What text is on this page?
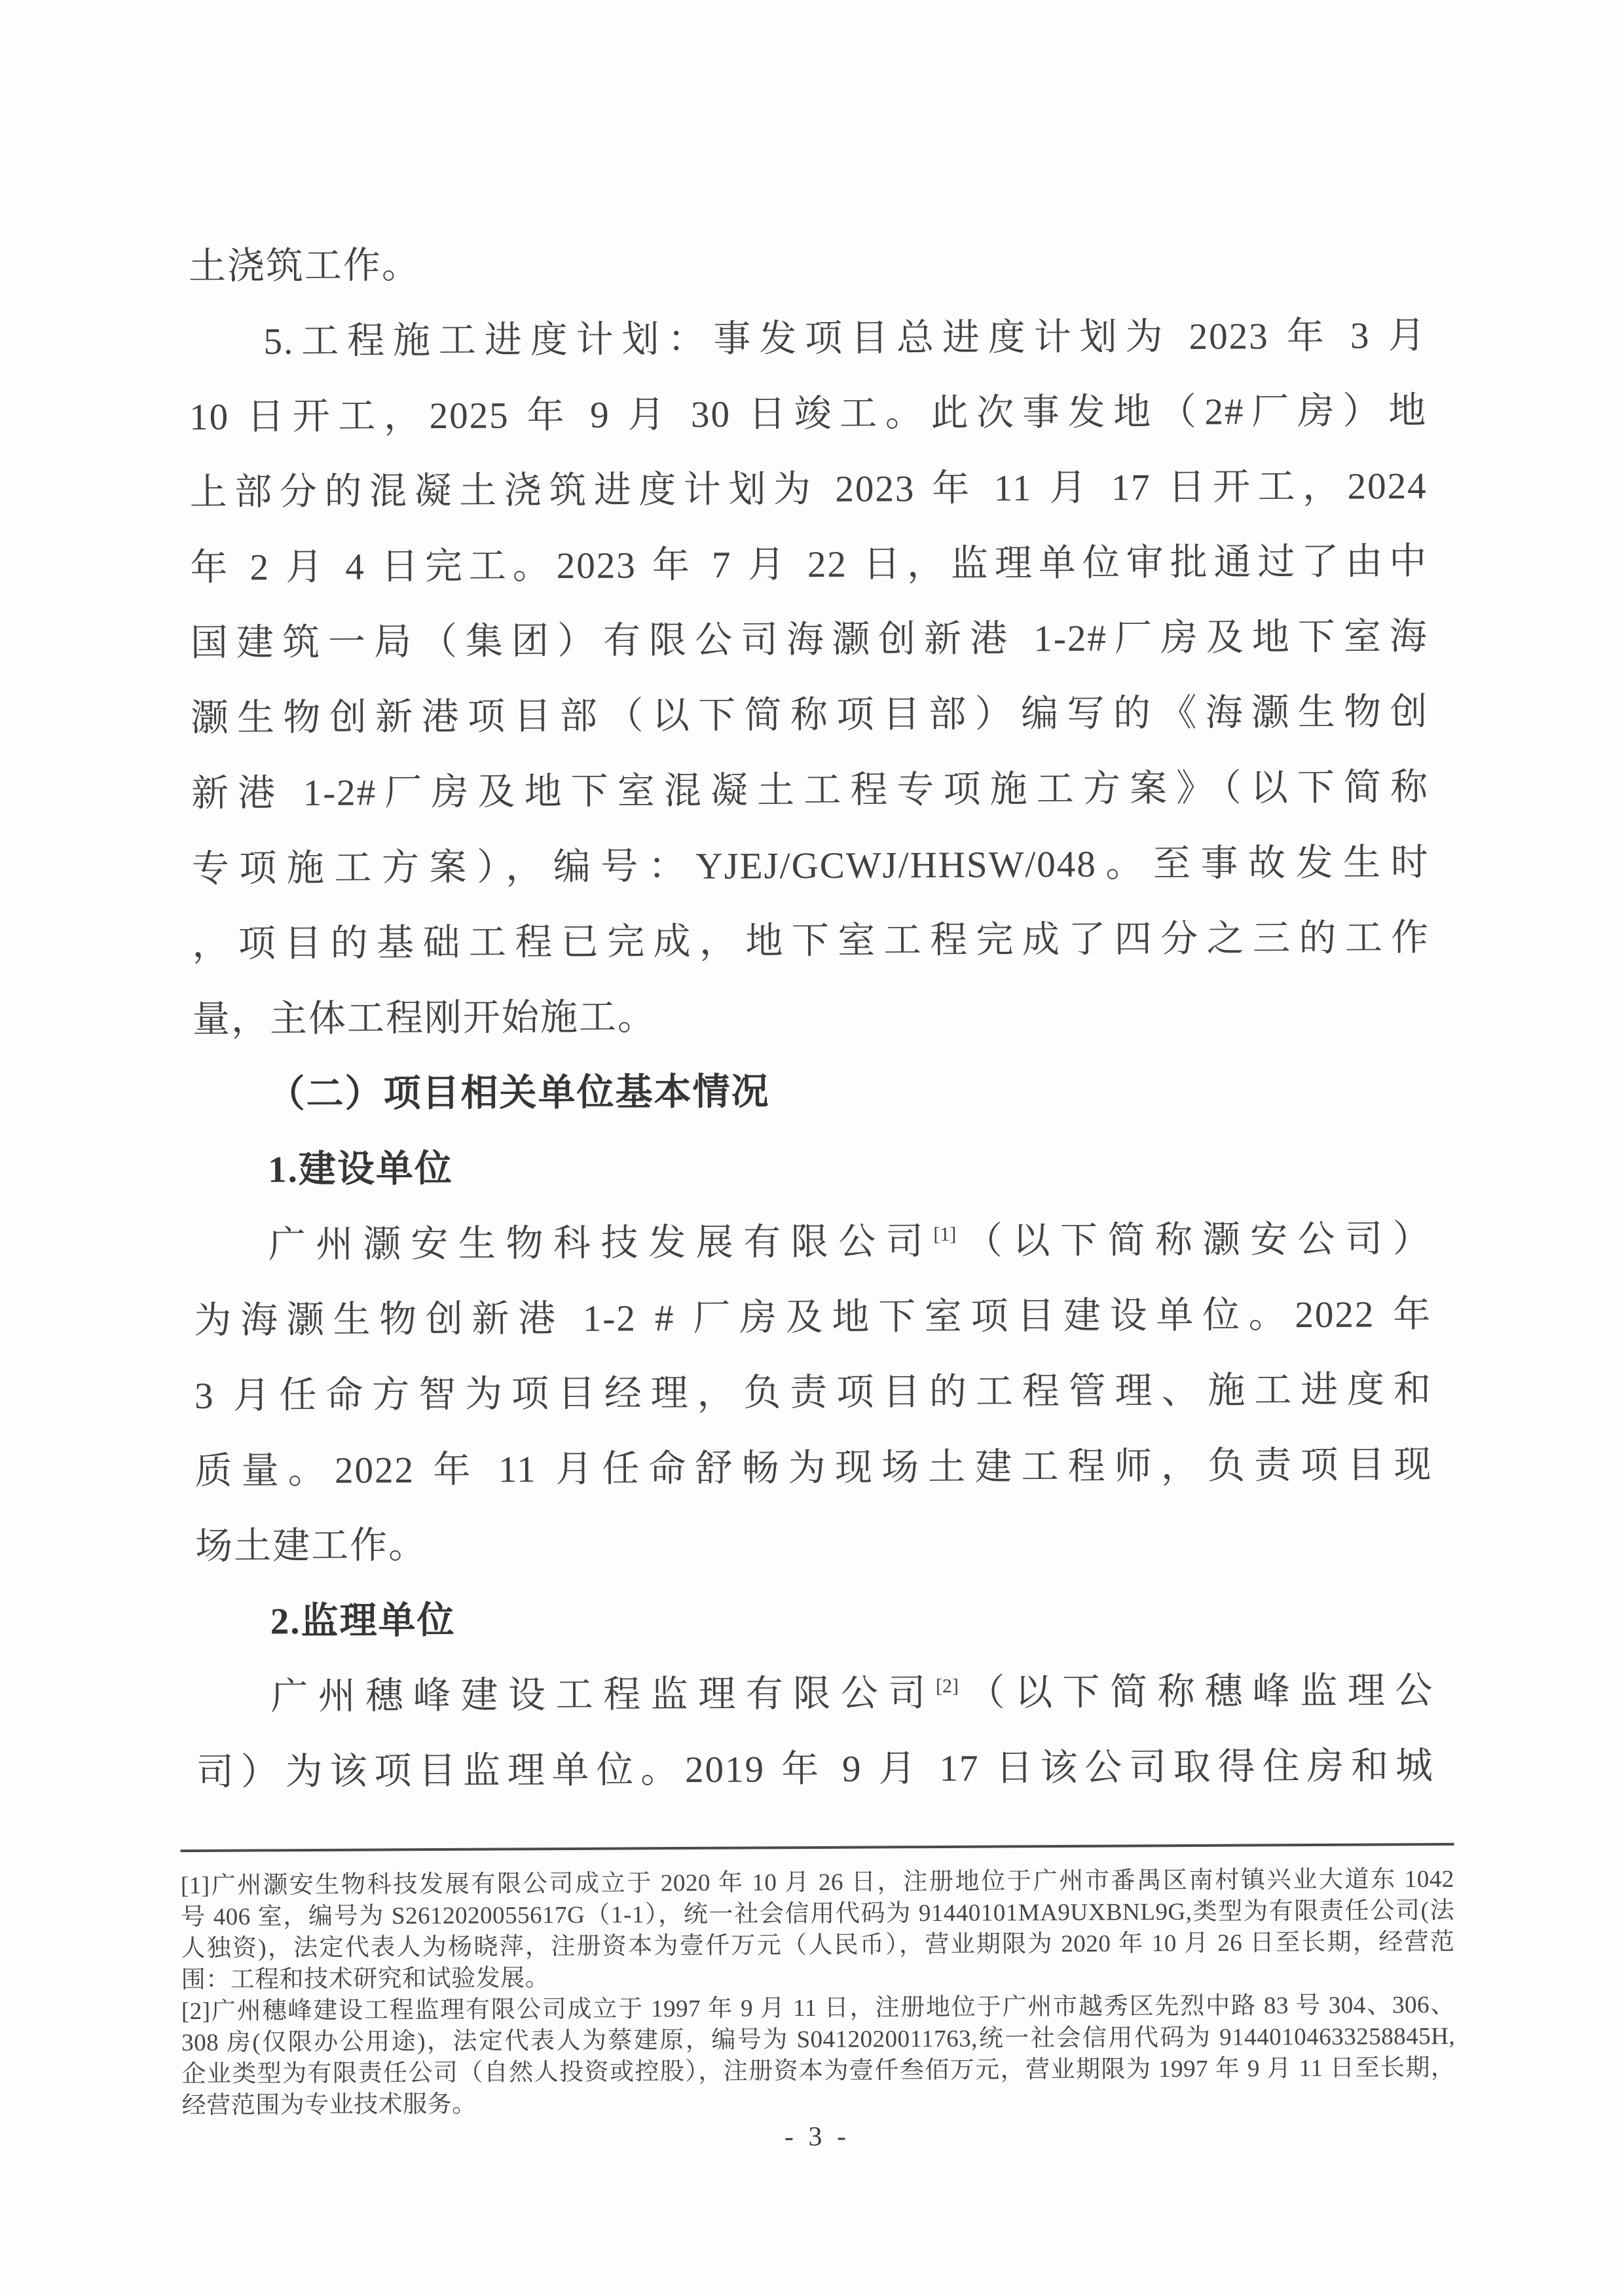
土浇筑工作。
5.工程施工进度计划：事发项目总进度计划为 2023 年 3 月
10 日开工，2025 年 9 月 30 日竣工。此次事发地（2#厂房）地
上部分的混凝土浇筑进度计划为 2023 年 11 月 17 日开工，2024
年 2 月 4 日完工。2023 年 7 月 22 日，监理单位审批通过了由中
国建筑一局（集团）有限公司海灏创新港 1-2#厂房及地下室海
灏生物创新港项目部（以下简称项目部）编写的《海灏生物创
新港 1-2#厂房及地下室混凝土工程专项施工方案》（以下简称
专项施工方案），编号：YJEJ/GCWJ/HHSW/048。至事故发生时
，项目的基础工程已完成，地下室工程完成了四分之三的工作
量，主体工程刚开始施工。
（二）项目相关单位基本情况
1.建设单位
广州灏安生物科技发展有限公司[1]（以下简称灏安公司）
为海灏生物创新港 1-2 # 厂房及地下室项目建设单位。2022 年
3 月任命方智为项目经理，负责项目的工程管理、施工进度和
质量。2022 年 11 月任命舒畅为现场土建工程师，负责项目现
场土建工作。
2.监理单位
广州穗峰建设工程监理有限公司[2]（以下简称穗峰监理公
司）为该项目监理单位。2019 年 9 月 17 日该公司取得住房和城
[1]广州灏安生物科技发展有限公司成立于 2020 年 10 月 26 日，注册地位于广州市番禺区南村镇兴业大道东 1042
号 406 室，编号为 S2612020055617G（1-1），统一社会信用代码为 91440101MA9UXBNL9G,类型为有限责任公司(法
人独资)，法定代表人为杨晓萍，注册资本为壹仟万元（人民币），营业期限为 2020 年 10 月 26 日至长期，经营范
围：工程和技术研究和试验发展。
[2]广州穗峰建设工程监理有限公司成立于 1997 年 9 月 11 日，注册地位于广州市越秀区先烈中路 83 号 304、306、
308 房(仅限办公用途)，法定代表人为蔡建原，编号为 S0412020011763,统一社会信用代码为 91440104633258845H,
企业类型为有限责任公司（自然人投资或控股），注册资本为壹仟叁佰万元，营业期限为 1997 年 9 月 11 日至长期，
经营范围为专业技术服务。
- 3 -
